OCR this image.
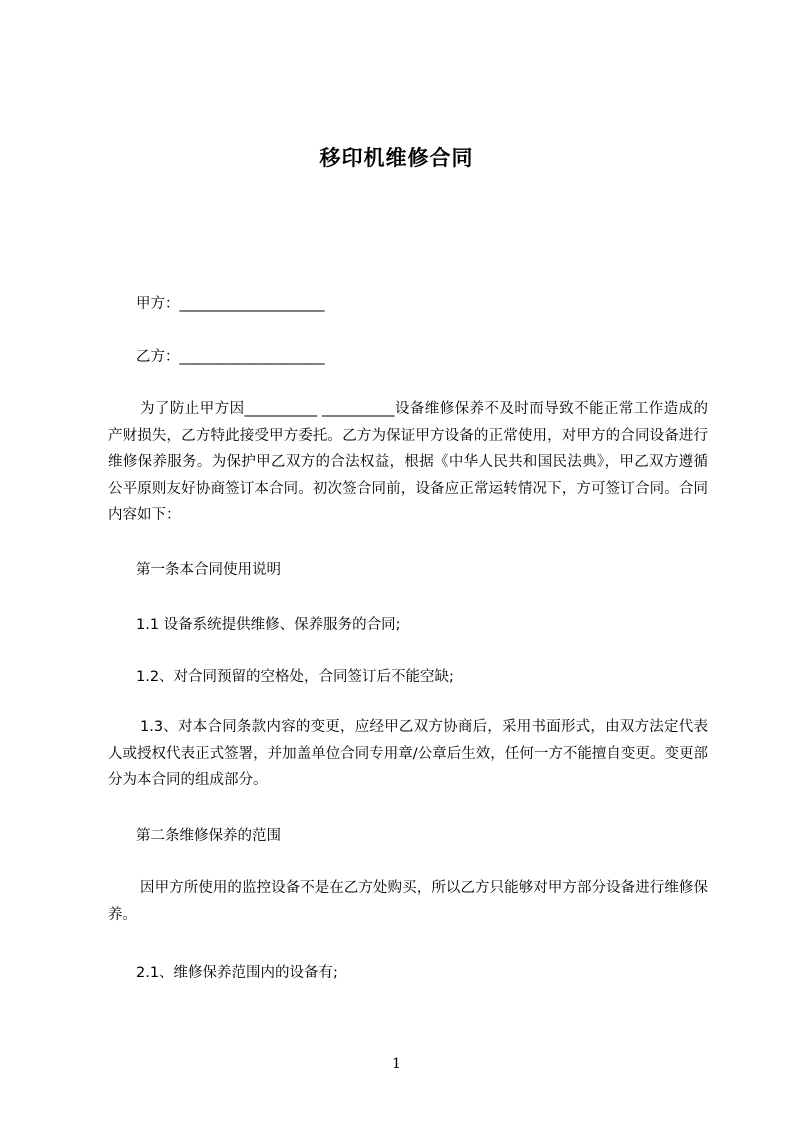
移印机维修合同
甲方：____________________
乙方：____________________
为了防止甲方因__________ __________设备维修保养不及时而导致不能正常工作造成的产财损失，乙方特此接受甲方委托。乙方为保证甲方设备的正常使用，对甲方的合同设备进行维修保养服务。为保护甲乙双方的合法权益，根据《中华人民共和国民法典》，甲乙双方遵循公平原则友好协商签订本合同。初次签合同前，设备应正常运转情况下，方可签订合同。合同内容如下：
第一条本合同使用说明
1.1 设备系统提供维修、保养服务的合同;
1.2、对合同预留的空格处，合同签订后不能空缺;
1.3、对本合同条款内容的变更，应经甲乙双方协商后，采用书面形式，由双方法定代表人或授权代表正式签署，并加盖单位合同专用章/公章后生效，任何一方不能擅自变更。变更部分为本合同的组成部分。
第二条维修保养的范围
因甲方所使用的监控设备不是在乙方处购买，所以乙方只能够对甲方部分设备进行维修保养。
2.1、维修保养范围内的设备有;
1
